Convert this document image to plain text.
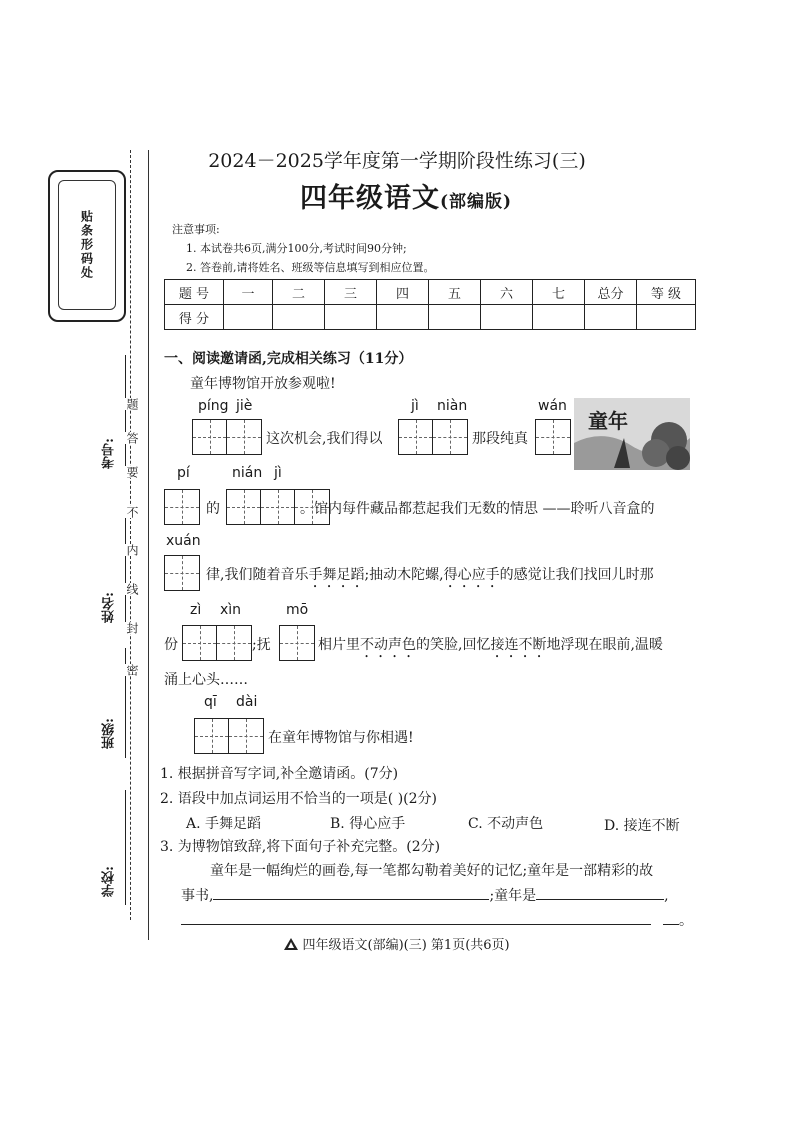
贴条形码处
考号:
姓名:
班级:
学校:
题
答
要
不
内
线
封
密
2024－2025学年度第一学期阶段性练习(三)
四年级语文(部编版)
注意事项:
1. 本试卷共6页,满分100分,考试时间90分钟;
2. 答卷前,请将姓名、班级等信息填写到相应位置。
题 号	一	二	三	四	五	六	七	总分	等 级
得 分									
一、阅读邀请函,完成相关练习（11分）
童年博物馆开放参观啦!
píng jiè	jì niàn	wán
这次机会,我们得以	那段纯真
童年
pí	nián jì
的	。馆内每件藏品都惹起我们无数的情思 ——聆听八音盒的
xuán
律,我们随着音乐手舞足蹈;抽动木陀螺,得心应手的感觉让我们找回儿时那
zì xìn	mō
份	;抚	相片里不动声色的笑脸,回忆接连不断地浮现在眼前,温暖
涌上心头……
qī dài
在童年博物馆与你相遇!
1. 根据拼音写字词,补全邀请函。(7分)
2. 语段中加点词运用不恰当的一项是( )(2分)
A. 手舞足蹈	B. 得心应手	C. 不动声色	D. 接连不断
3. 为博物馆致辞,将下面句子补充完整。(2分)
童年是一幅绚烂的画卷,每一笔都勾勒着美好的记忆;童年是一部精彩的故
事书,	;童年是	,
。
四年级语文(部编)(三) 第1页(共6页)
